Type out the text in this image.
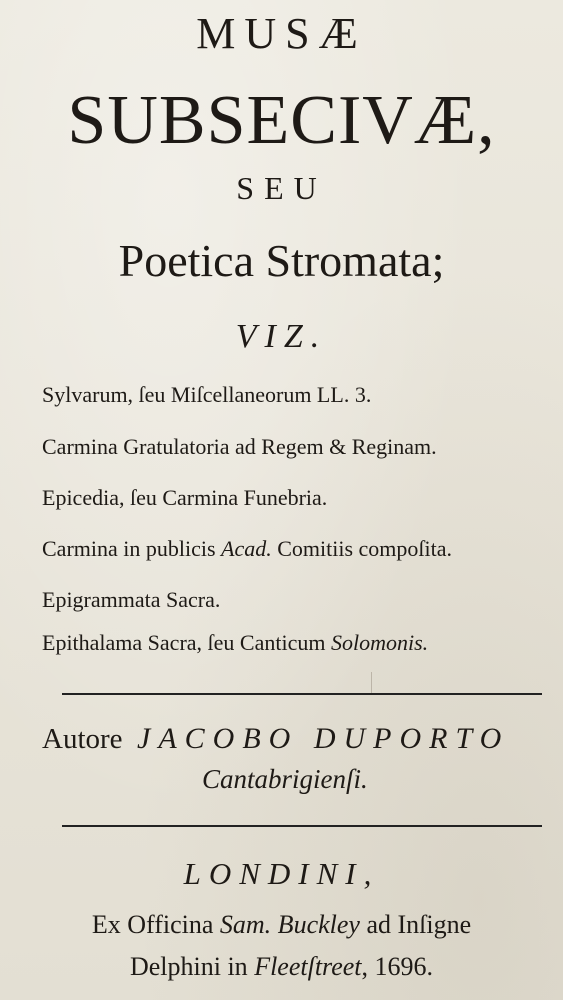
MUSÆ
SUBSECIVÆ,
SEU
Poetica Stromata;
VIZ.
Sylvarum, ſeu Miſcellaneorum LL. 3.
Carmina Gratulatoria ad Regem & Reginam.
Epicedia, ſeu Carmina Funebria.
Carmina in publicis Acad. Comitiis compoſita.
Epigrammata Sacra.
Epithalama Sacra, ſeu Canticum Solomonis.
Autore JACOBO DUPORTO
Cantabrigienſi.
LONDINI,
Ex Officina Sam. Buckley ad Inſigne
Delphini in Fleetſtreet, 1696.
